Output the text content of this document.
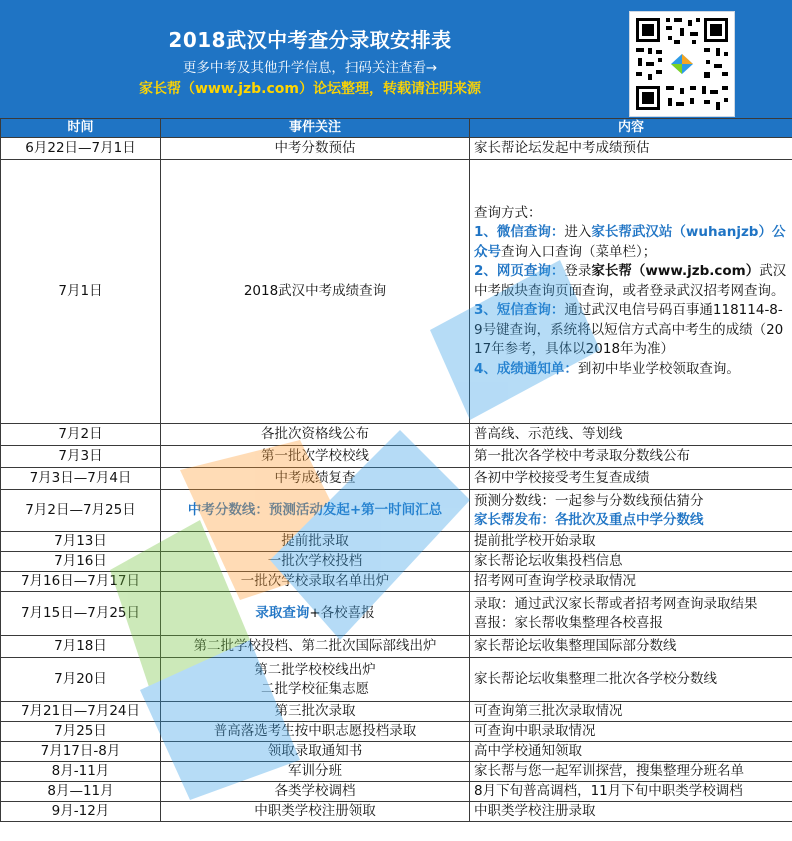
2018武汉中考查分录取安排表
更多中考及其他升学信息，扫码关注查看→
家长帮（www.jzb.com）论坛整理，转载请注明来源
时间	事件关注	内容
6月22日—7月1日	中考分数预估	家长帮论坛发起中考成绩预估
7月1日	2018武汉中考成绩查询	查询方式：
1、微信查询：进入家长帮武汉站（wuhanjzb）公众号查询入口查询（菜单栏）；
2、网页查询：登录家长帮（www.jzb.com）武汉中考版块查询页面查询，或者登录武汉招考网查询。
3、短信查询：通过武汉电信号码百事通118114-8-9号键查询，系统将以短信方式高中考生的成绩（2017年参考，具体以2018年为准）
4、成绩通知单：到初中毕业学校领取查询。

7月2日	各批次资格线公布	普高线、示范线、等划线
7月3日	第一批次学校校线	第一批次各学校中考录取分数线公布
7月3日—7月4日	中考成绩复查	各初中学校接受考生复查成绩
7月2日—7月25日	中考分数线：预测活动发起+第一时间汇总	预测分数线：一起参与分数线预估猜分
家长帮发布：各批次及重点中学分数线

7月13日	提前批录取	提前批学校开始录取
7月16日	一批次学校投档	家长帮论坛收集投档信息
7月16日—7月17日	一批次学校录取名单出炉	招考网可查询学校录取情况
7月15日—7月25日	录取查询+各校喜报	录取：通过武汉家长帮或者招考网查询录取结果
喜报：家长帮收集整理各校喜报

7月18日	第二批学校投档、第二批次国际部线出炉	家长帮论坛收集整理国际部分数线
7月20日	第二批学校校线出炉
二批学校征集志愿	家长帮论坛收集整理二批次各学校分数线
7月21日—7月24日	第三批次录取	可查询第三批次录取情况
7月25日	普高落选考生按中职志愿投档录取	可查询中职录取情况
7月17日-8月	领取录取通知书	高中学校通知领取
8月-11月	军训分班	家长帮与您一起军训探营，搜集整理分班名单
8月—11月	各类学校调档	8月下旬普高调档，11月下旬中职类学校调档
9月-12月	中职类学校注册领取	中职类学校注册录取
